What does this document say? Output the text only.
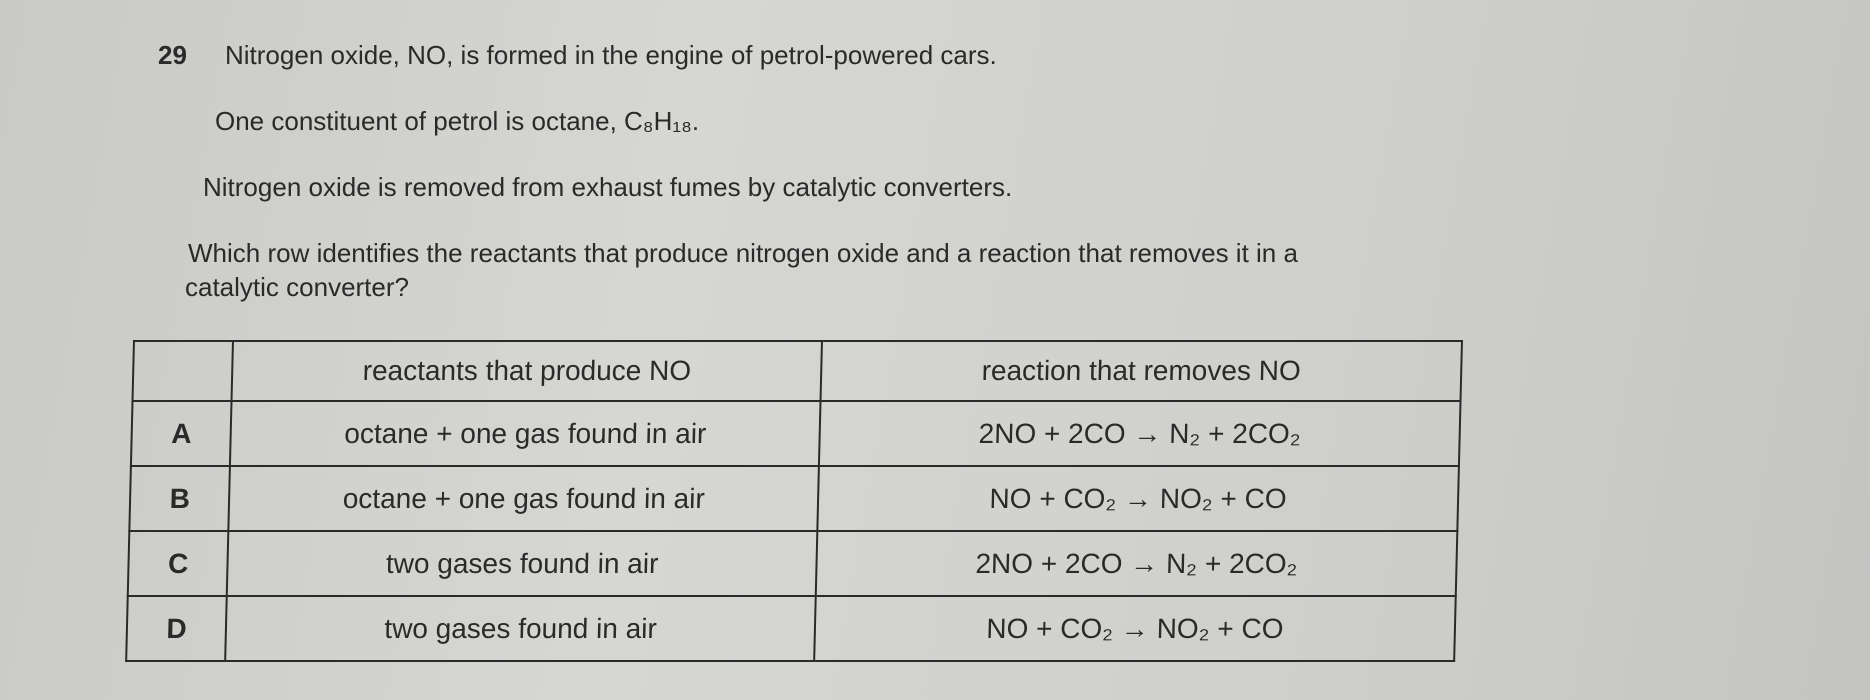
29 Nitrogen oxide, NO, is formed in the engine of petrol-powered cars.
One constituent of petrol is octane, C₈H₁₈.
Nitrogen oxide is removed from exhaust fumes by catalytic converters.
Which row identifies the reactants that produce nitrogen oxide and a reaction that removes it in a
catalytic converter?
	reactants that produce NO	reaction that removes NO
A	octane + one gas found in air	2NO + 2CO → N₂ + 2CO₂
B	octane + one gas found in air	NO + CO₂ → NO₂ + CO
C	two gases found in air	2NO + 2CO → N₂ + 2CO₂
D	two gases found in air	NO + CO₂ → NO₂ + CO
